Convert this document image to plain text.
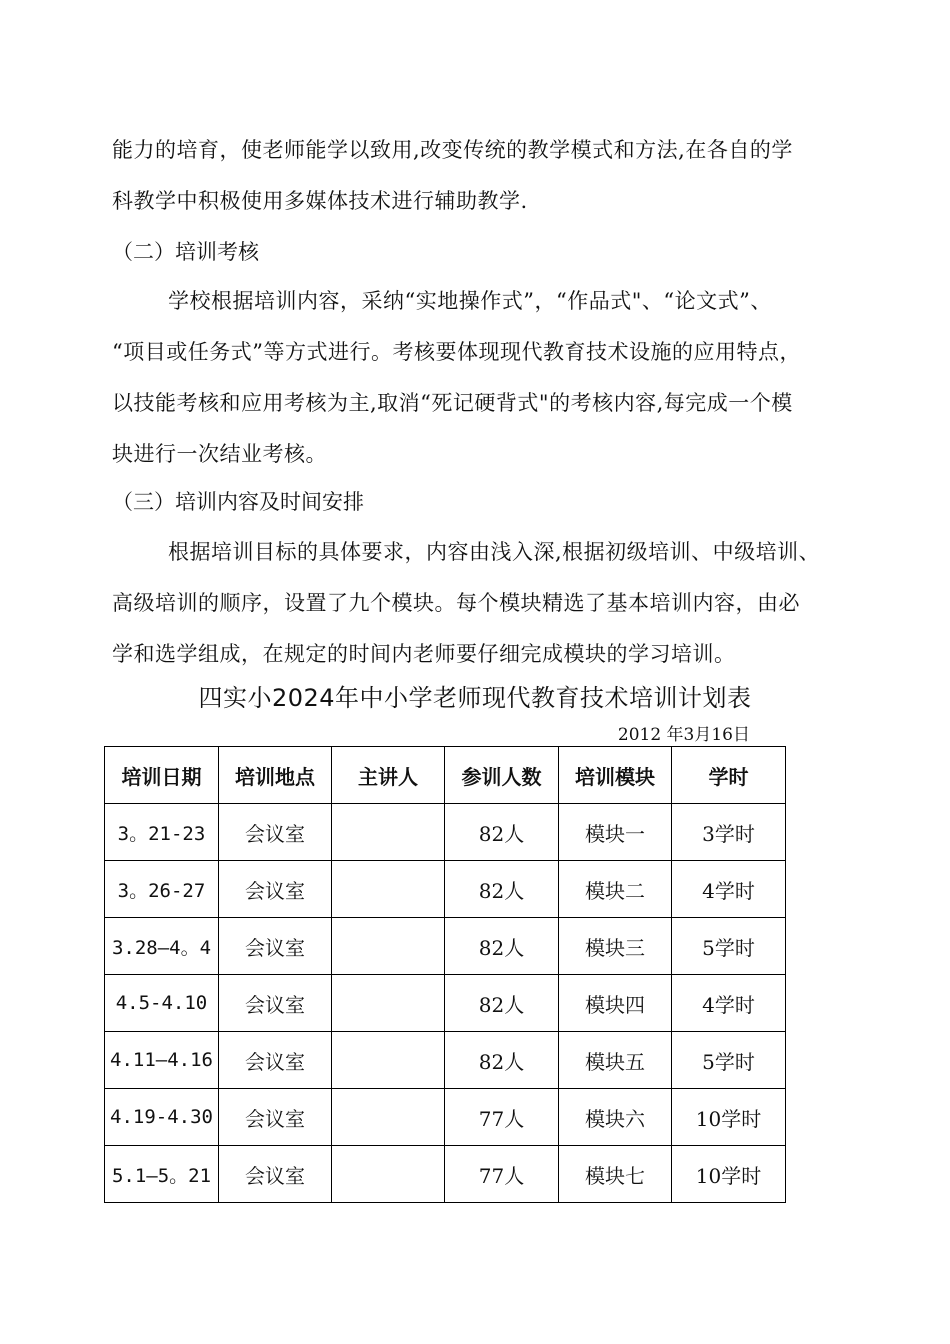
能力的培育，使老师能学以致用,改变传统的教学模式和方法,在各自的学
科教学中积极使用多媒体技术进行辅助教学.
（二）培训考核
学校根据培训内容，采纳“实地操作式”，“作品式"、“论文式”、
“项目或任务式”等方式进行。考核要体现现代教育技术设施的应用特点，
以技能考核和应用考核为主,取消“死记硬背式"的考核内容,每完成一个模
块进行一次结业考核。
（三）培训内容及时间安排
根据培训目标的具体要求，内容由浅入深,根据初级培训、中级培训、
高级培训的顺序，设置了九个模块。每个模块精选了基本培训内容，由必
学和选学组成，在规定的时间内老师要仔细完成模块的学习培训。
四实小2024年中小学老师现代教育技术培训计划表
2012 年3月16日
培训日期	培训地点	主讲人	参训人数	培训模块	学时
3。21-23	会议室		82人	模块一	3学时
3。26-27	会议室		82人	模块二	4学时
3.28—4。4	会议室		82人	模块三	5学时
4.5-4.10	会议室		82人	模块四	4学时
4.11—4.16	会议室		82人	模块五	5学时
4.19-4.30	会议室		77人	模块六	10学时
5.1—5。21	会议室		77人	模块七	10学时
